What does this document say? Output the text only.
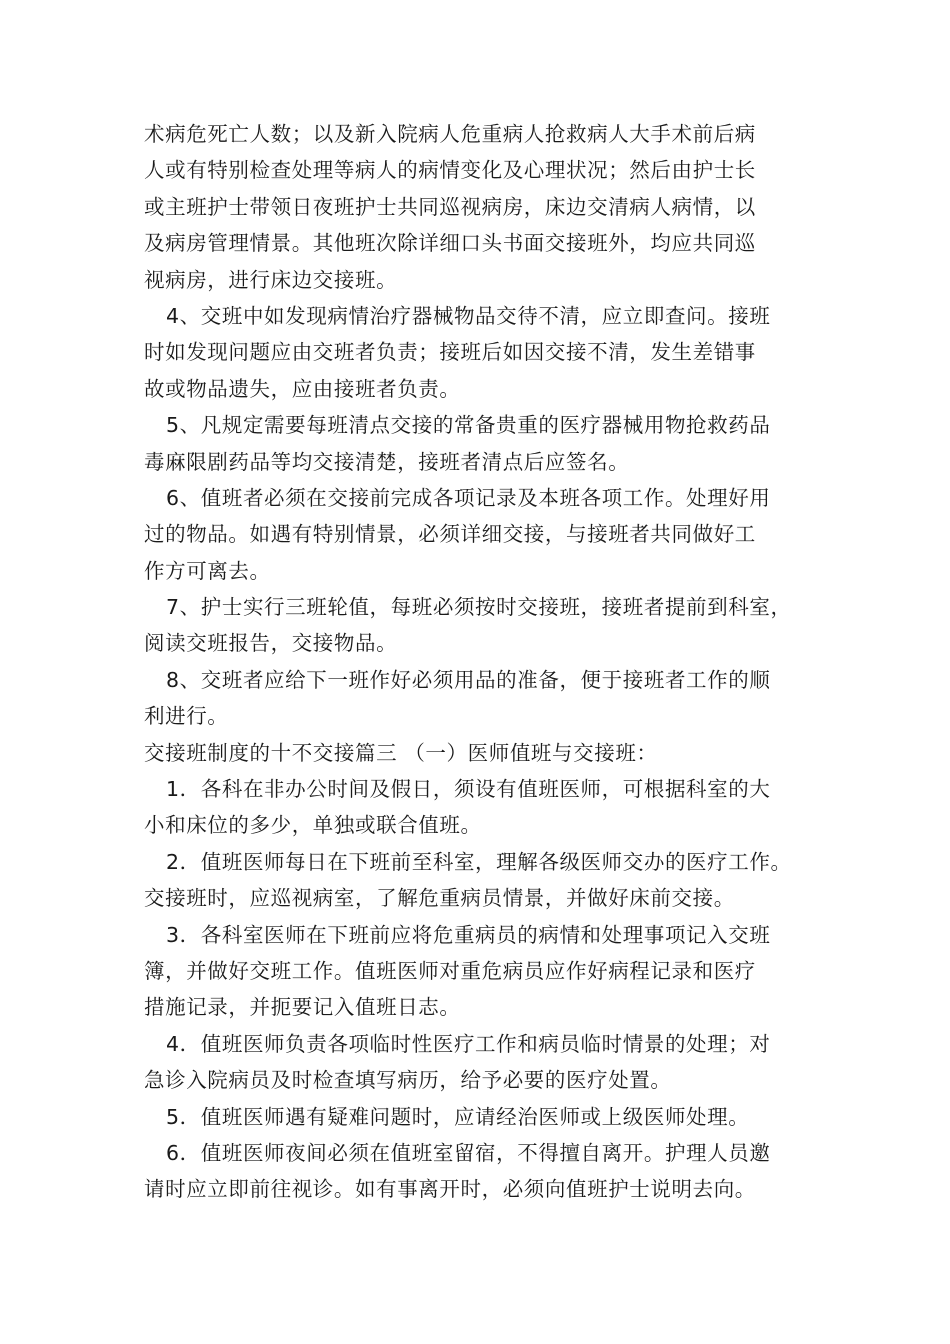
术病危死亡人数；以及新入院病人危重病人抢救病人大手术前后病
人或有特别检查处理等病人的病情变化及心理状况；然后由护士长
或主班护士带领日夜班护士共同巡视病房，床边交清病人病情，以
及病房管理情景。其他班次除详细口头书面交接班外，均应共同巡
视病房，进行床边交接班。
4、交班中如发现病情治疗器械物品交待不清，应立即查问。接班
时如发现问题应由交班者负责；接班后如因交接不清，发生差错事
故或物品遗失，应由接班者负责。
5、凡规定需要每班清点交接的常备贵重的医疗器械用物抢救药品
毒麻限剧药品等均交接清楚，接班者清点后应签名。
6、值班者必须在交接前完成各项记录及本班各项工作。处理好用
过的物品。如遇有特别情景，必须详细交接，与接班者共同做好工
作方可离去。
7、护士实行三班轮值，每班必须按时交接班，接班者提前到科室，
阅读交班报告，交接物品。
8、交班者应给下一班作好必须用品的准备，便于接班者工作的顺
利进行。
交接班制度的十不交接篇三 （一）医师值班与交接班：
1．各科在非办公时间及假日，须设有值班医师，可根据科室的大
小和床位的多少，单独或联合值班。
2．值班医师每日在下班前至科室，理解各级医师交办的医疗工作。
交接班时，应巡视病室，了解危重病员情景，并做好床前交接。
3．各科室医师在下班前应将危重病员的病情和处理事项记入交班
簿，并做好交班工作。值班医师对重危病员应作好病程记录和医疗
措施记录，并扼要记入值班日志。
4．值班医师负责各项临时性医疗工作和病员临时情景的处理；对
急诊入院病员及时检查填写病历，给予必要的医疗处置。
5．值班医师遇有疑难问题时，应请经治医师或上级医师处理。
6．值班医师夜间必须在值班室留宿，不得擅自离开。护理人员邀
请时应立即前往视诊。如有事离开时，必须向值班护士说明去向。
